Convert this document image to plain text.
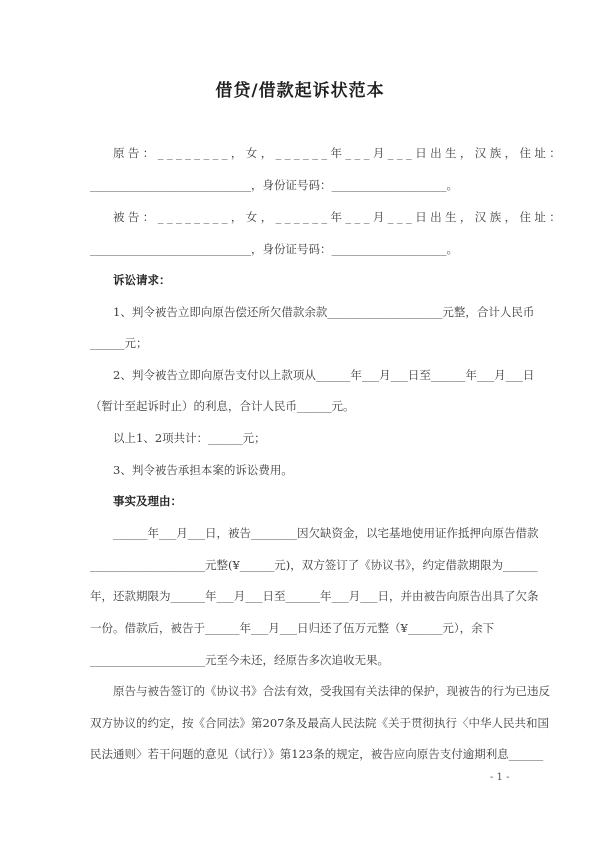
借贷/借款起诉状范本
原告：________，女，______年___月___日出生，汉族，住址：
____________________________，身份证号码：____________________。
被告：________，女，______年___月___日出生，汉族，住址：
____________________________，身份证号码：____________________。
诉讼请求：
1、判令被告立即向原告偿还所欠借款余款____________________元整，合计人民币
______元；
2、判令被告立即向原告支付以上款项从______年___月___日至______年___月___日
（暂计至起诉时止）的利息，合计人民币______元。
以上1、2项共计：______元；
3、判令被告承担本案的诉讼费用。
事实及理由：
______年___月___日，被告________因欠缺资金，以宅基地使用证作抵押向原告借款
____________________元整(¥______元)，双方签订了《协议书》，约定借款期限为______
年，还款期限为______年___月___日至______年___月___日，并由被告向原告出具了欠条
一份。借款后，被告于______年___月___日归还了伍万元整（¥______元），余下
____________________元至今未还，经原告多次追收无果。
原告与被告签订的《协议书》合法有效，受我国有关法律的保护，现被告的行为已违反
双方协议的约定，按《合同法》第207条及最高人民法院《关于贯彻执行〈中华人民共和国
民法通则〉若干问题的意见（试行）》第123条的规定，被告应向原告支付逾期利息______
- 1 -
